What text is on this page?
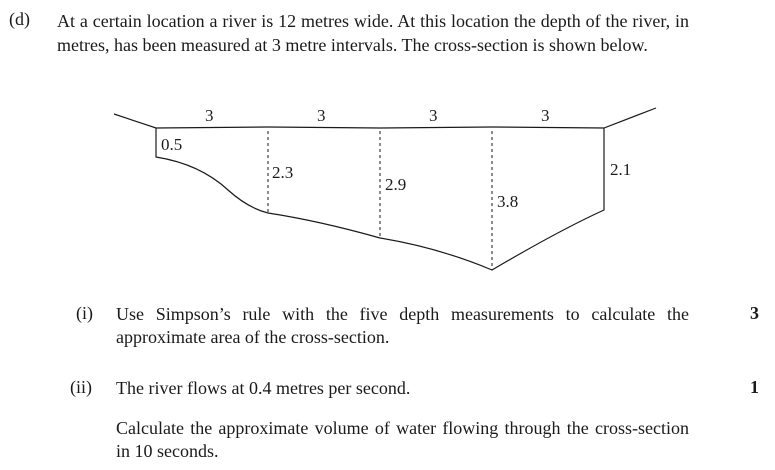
(d) At a certain location a river is 12 metres wide. At this location the depth of the river, in metres, has been measured at 3 metre intervals. The cross-section is shown below.
3	3	3	3
0.5
2.3
2.9
3.8
2.1
(i) Use Simpson’s rule with the five depth measurements to calculate the approximate area of the cross-section.
3
(ii) The river flows at 0.4 metres per second.	1
Calculate the approximate volume of water flowing through the cross-section in 10 seconds.
